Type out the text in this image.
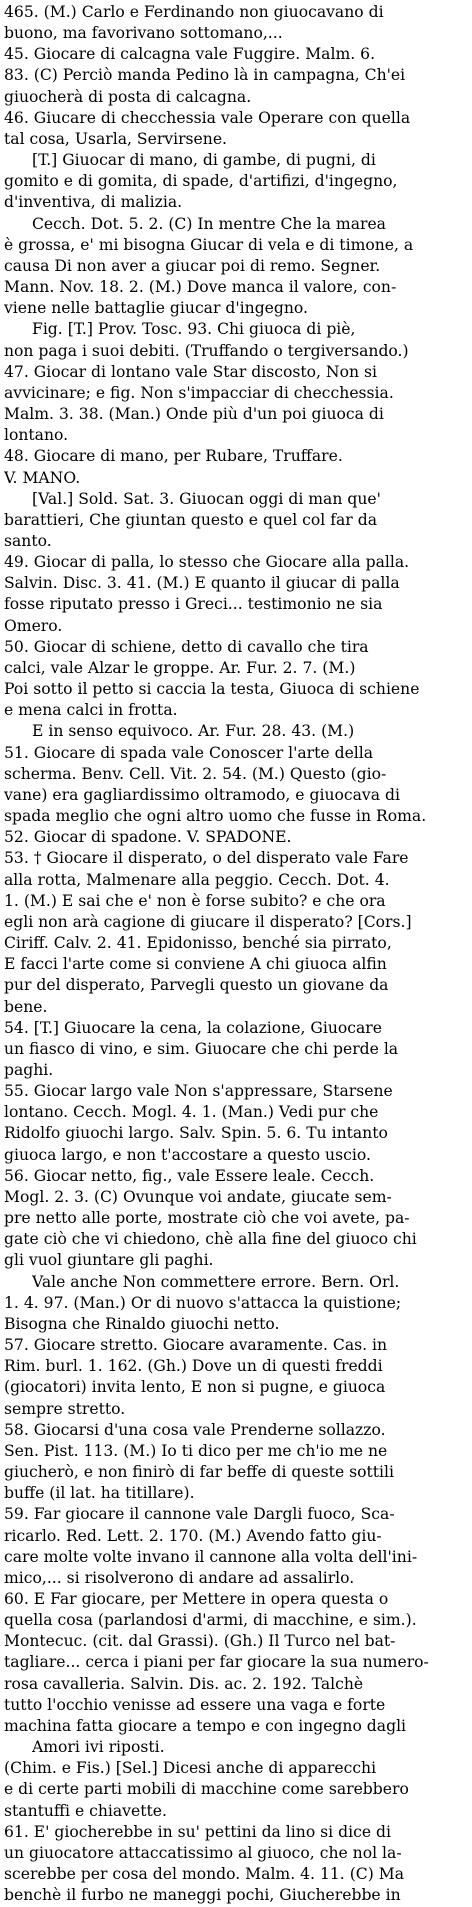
465. (M.) Carlo e Ferdinando non giuocavano di
buono, ma favorivano sottomano,...
45. Giocare di calcagna vale Fuggire. Malm. 6.
83. (C) Perciò manda Pedino là in campagna, Ch'ei
giuocherà di posta di calcagna.
46. Giucare di checchessia vale Operare con quella
tal cosa, Usarla, Servirsene.
[T.] Giuocar di mano, di gambe, di pugni, di
gomito e di gomita, di spade, d'artifizi, d'ingegno,
d'inventiva, di malizia.
Cecch. Dot. 5. 2. (C) In mentre Che la marea
è grossa, e' mi bisogna Giucar di vela e di timone, a
causa Di non aver a giucar poi di remo. Segner.
Mann. Nov. 18. 2. (M.) Dove manca il valore, con-
viene nelle battaglie giucar d'ingegno.
Fig. [T.] Prov. Tosc. 93. Chi giuoca di piè,
non paga i suoi debiti. (Truffando o tergiversando.)
47. Giocar di lontano vale Star discosto, Non si
avvicinare; e fig. Non s'impacciar di checchessia.
Malm. 3. 38. (Man.) Onde più d'un poi giuoca di
lontano.
48. Giocare di mano, per Rubare, Truffare.
V. MANO.
[Val.] Sold. Sat. 3. Giuocan oggi di man que'
barattieri, Che giuntan questo e quel col far da
santo.
49. Giocar di palla, lo stesso che Giocare alla palla.
Salvin. Disc. 3. 41. (M.) E quanto il giucar di palla
fosse riputato presso i Greci... testimonio ne sia
Omero.
50. Giocar di schiene, detto di cavallo che tira
calci, vale Alzar le groppe. Ar. Fur. 2. 7. (M.)
Poi sotto il petto si caccia la testa, Giuoca di schiene
e mena calci in frotta.
E in senso equivoco. Ar. Fur. 28. 43. (M.)
51. Giocare di spada vale Conoscer l'arte della
scherma. Benv. Cell. Vit. 2. 54. (M.) Questo (gio-
vane) era gagliardissimo oltramodo, e giuocava di
spada meglio che ogni altro uomo che fusse in Roma.
52. Giocar di spadone. V. SPADONE.
53. † Giocare il disperato, o del disperato vale Fare
alla rotta, Malmenare alla peggio. Cecch. Dot. 4.
1. (M.) E sai che e' non è forse subito? e che ora
egli non arà cagione di giucare il disperato? [Cors.]
Ciriff. Calv. 2. 41. Epidonisso, benché sia pirrato,
E facci l'arte come si conviene A chi giuoca alfin
pur del disperato, Parvegli questo un giovane da
bene.
54. [T.] Giuocare la cena, la colazione, Giuocare
un fiasco di vino, e sim. Giuocare che chi perde la
paghi.
55. Giocar largo vale Non s'appressare, Starsene
lontano. Cecch. Mogl. 4. 1. (Man.) Vedi pur che
Ridolfo giuochi largo. Salv. Spin. 5. 6. Tu intanto
giuoca largo, e non t'accostare a questo uscio.
56. Giocar netto, fig., vale Essere leale. Cecch.
Mogl. 2. 3. (C) Ovunque voi andate, giucate sem-
pre netto alle porte, mostrate ciò che voi avete, pa-
gate ciò che vi chiedono, chè alla fine del giuoco chi
gli vuol giuntare gli paghi.
Vale anche Non commettere errore. Bern. Orl.
1. 4. 97. (Man.) Or di nuovo s'attacca la quistione;
Bisogna che Rinaldo giuochi netto.
57. Giocare stretto. Giocare avaramente. Cas. in
Rim. burl. 1. 162. (Gh.) Dove un di questi freddi
(giocatori) invita lento, E non si pugne, e giuoca
sempre stretto.
58. Giocarsi d'una cosa vale Prenderne sollazzo.
Sen. Pist. 113. (M.) Io ti dico per me ch'io me ne
giucherò, e non finirò di far beffe di queste sottili
buffe (il lat. ha titillare).
59. Far giocare il cannone vale Dargli fuoco, Sca-
ricarlo. Red. Lett. 2. 170. (M.) Avendo fatto giu-
care molte volte invano il cannone alla volta dell'ini-
mico,... si risolverono di andare ad assalirlo.
60. E Far giocare, per Mettere in opera questa o
quella cosa (parlandosi d'armi, di macchine, e sim.).
Montecuc. (cit. dal Grassi). (Gh.) Il Turco nel bat-
tagliare... cerca i piani per far giocare la sua numero-
rosa cavalleria. Salvin. Dis. ac. 2. 192. Talchè
tutto l'occhio venisse ad essere una vaga e forte
machina fatta giocare a tempo e con ingegno dagli
Amori ivi riposti.
(Chim. e Fis.) [Sel.] Dicesi anche di apparecchi
e di certe parti mobili di macchine come sarebbero
stantuffi e chiavette.
61. E' giocherebbe in su' pettini da lino si dice di
un giuocatore attaccatissimo al giuoco, che nol la-
scerebbe per cosa del mondo. Malm. 4. 11. (C) Ma
benchè il furbo ne maneggi pochi, Giucherebbe in
